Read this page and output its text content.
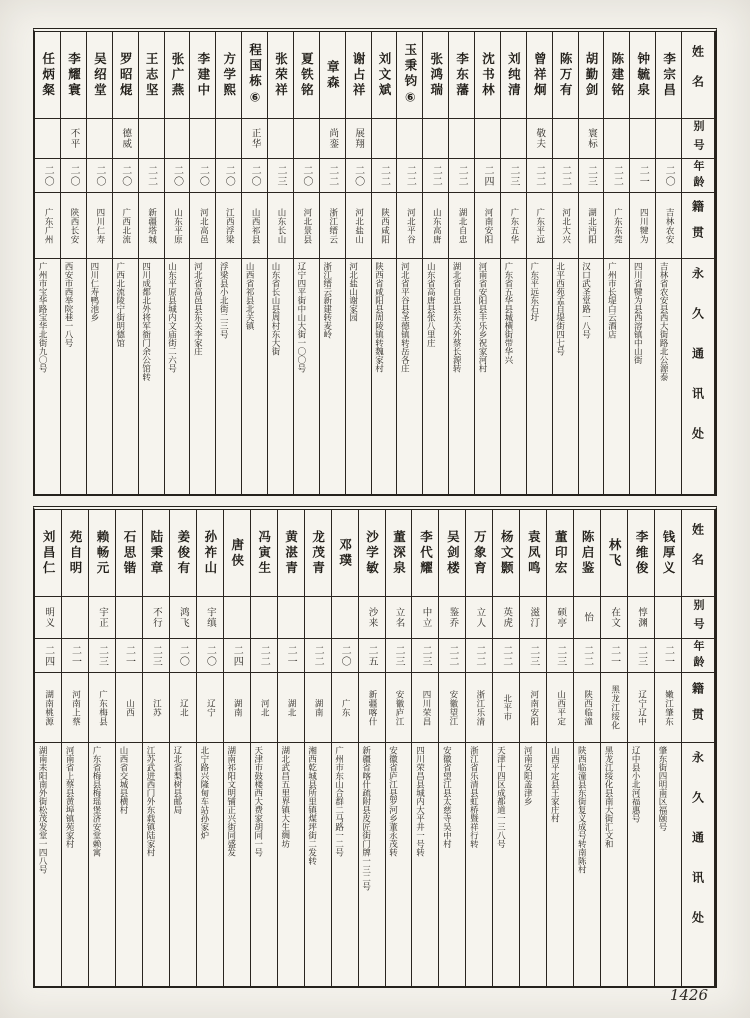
姓名
别号
年龄
籍贯
永久通讯处
李宗昌
二〇
吉林农安
吉林省农安县西大街路北公源泰
钟毓泉
二一
四川犍为
四川省犍为县西溶镇中山街
陈建铭
二二
广东东莞
广州市长堤白云酒店
胡勤剑
寰标
二三
湖北沔阳
汉口武圣堂路一八号
陈万有
二二
河北大兴
北平西苑孟自堤街四七号
曾祥炯
敬夫
二二
广东平远
广东平远东石圩
刘纯清
二三
广东五华
广东省五华县城横街带华兴
沈书林
二四
河南安阳
河南省安阳县丰乐乡祝家河村
李东藩
二二
湖北自忠
湖北省自忠县东关外蔡长源转
张鸿瑞
二二
山东高唐
山东省高唐县张八里庄
玉秉钧⑥
二二
河北平谷
河北省平谷县圣德镇转岳各庄
刘文斌
二二
陕西咸阳
陕西省咸阳县周陵镇转魏家村
谢占祥
展翔
二〇
河北盐山
河北盐山谢家园
章森
尚銮
二二
浙江缙云
浙江缙云新建转麦岭
夏铁铭
二〇
河北景县
辽宁四平街中山大街一〇〇号
张荣祥
二三
山东长山
山东省长山县周村东大街
程国栋⑥
正华
二〇
山西祁县
山西省祁县北关镇
方学熙
二〇
江西浮梁
浮梁县小北街二三号
李建中
二〇
河北高邑
河北省高邑县东关李家庄
张广燕
二〇
山东平原
山东平原县城内文庙街二六号
王志坚
二二
新疆塔城
四川成都北外将军衙门余公馆转
罗昭焜
德威
二〇
广西北流
广西北流陵宁街明德馆
吴绍堂
二〇
四川仁寿
四川仁寿鸭池乡
李耀寰
不平
二〇
陕西长安
西安市西举院巷一八号
任炳粲
二〇
广东广州
广州市宝华路宝华北街九〇号
姓名
别号
年龄
籍贯
永久通讯处
钱厚义
二一
嫩江肇东
肇东街四明南区福颐号
李维俊
惇渊
二三
辽宁辽中
辽中县小北河福惠号
林飞
在文
二一
黑龙江绥化
黑龙江绥化县南大街汇文和
陈启鉴
怡
二二
陕西临潼
陕西临潼县东街复义成号转南陈村
董印宏
硕亭
二三
山西平定
山西平定县王家庄村
袁凤鸣
滋汀
二三
河南安阳
河南安阳盖津乡
杨文颢
英虎
二二
北平市
天津十四区成都道一三八号
万象育
立人
二二
浙江乐清
浙江省乐清县虹桥暨祥行转
吴剑楼
鉴乔
二二
安徽望江
安徽省望江县太慈寺吴中村
李代耀
中立
二三
四川荣昌
四川荣昌县城内大平井一号转
董深泉
立名
二三
安徽庐江
安徽省庐江县罗河乡董永茂转
沙学敏
沙来
二五
新疆喀什
新疆省喀什疏附县皮匠街门牌一三二号
邓璞
二〇
广东
广州市东山合群二马路一二号
龙茂青
二二
湖南
湘西乾城县所里镇煤坪街二发转
黄湛青
二一
湖北
湖北武昌五里界镇大生绸坊
冯寅生
二二
河北
天津市鼓楼西大费家胡同一号
唐侠
二四
湖南
湖南祁阳文明铺正兴街同盛发
孙祚山
宇缜
二〇
辽宁
北宁路兴隆甸车站孙家炉
姜俊有
鸿飞
二〇
辽北
辽北省梨树县邮局
陆秉章
不行
二三
江苏
江苏武进西门外东载镇陆家村
石思锴
二一
山西
山西省交城县横村
赖畅元
宇正
二三
广东梅县
广东省梅县梅瑶堡济安堂赖寓
苑自明
二一
河南上蔡
河南省上蔡县黄埠镇苑家村
刘昌仁
明义
二四
湖南桃源
湖南耒阳南外街松茂发堂一四八号
1426
